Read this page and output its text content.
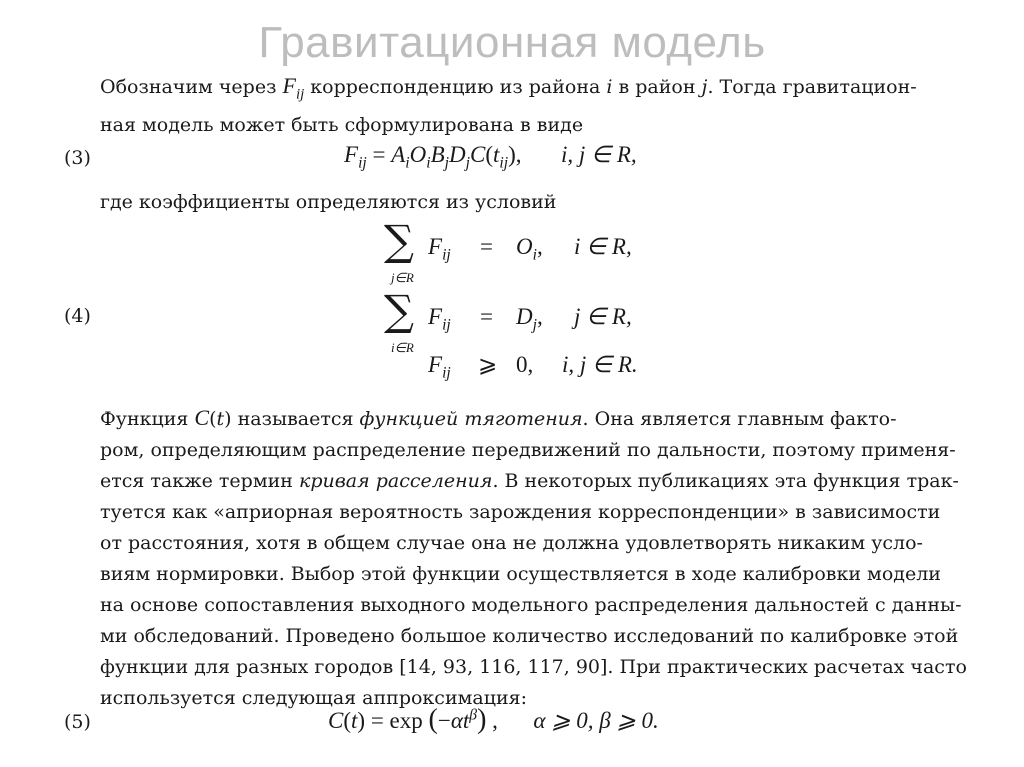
Гравитационная модель
Обозначим через $F_{ij}$ корреспонденцию из района i в район j. Тогда гравитацион-
ная модель может быть сформулирована в виде
(3)	$F_{ij} = A_iO_iB_jD_jC(t_{ij})$,  i, j ∈ R,
где коэффициенты определяются из условий
(4)
∑
j∈R
$F_{ij} = O_i$, i ∈ R,
∑
i∈R
$F_{ij} = D_j$, j ∈ R,
$F_{ij}$ ⩾ 0, i, j ∈ R.
Функция C(t) называется функцией тяготения. Она является главным факто-
ром, определяющим распределение передвижений по дальности, поэтому применя-
ется также термин кривая расселения. В некоторых публикациях эта функция трак-
туется как «априорная вероятность зарождения корреспонденции» в зависимости
от расстояния, хотя в общем случае она не должна удовлетворять никаким усло-
виям нормировки. Выбор этой функции осуществляется в ходе калибровки модели
на основе сопоставления выходного модельного распределения дальностей с данны-
ми обследований. Проведено большое количество исследований по калибровке этой
функции для разных городов [14, 93, 116, 117, 90]. При практических расчетах часто
используется следующая аппроксимация:
(5)	$C(t) = \exp (-\alpha t^\beta)$ ,  α ⩾ 0, β ⩾ 0.
